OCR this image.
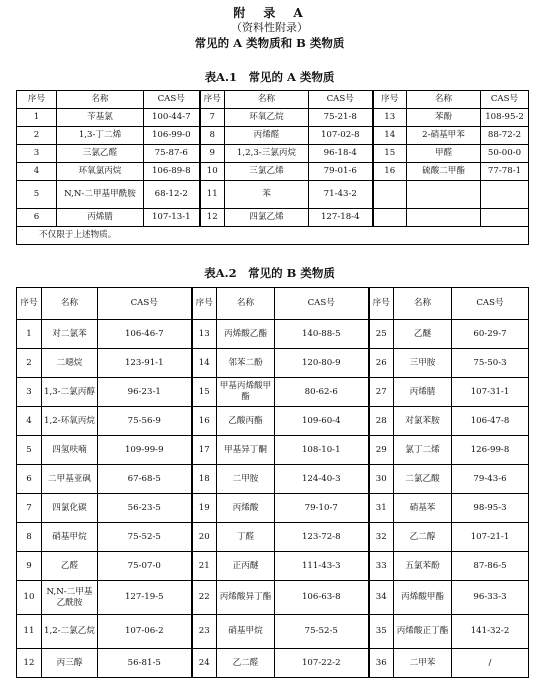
附　录　A
（资料性附录）
常见的 A 类物质和 B 类物质
表A.1　常见的 A 类物质
序号	名称	CAS号	序号	名称	CAS号	序号	名称	CAS号
1	苄基氯	100-44-7	7	环氧乙烷	75-21-8	13	苯酚	108-95-2
2	1,3-丁二烯	106-99-0	8	丙烯醛	107-02-8	14	2-硝基甲苯	88-72-2
3	三氯乙醛	75-87-6	9	1,2,3-三氯丙烷	96-18-4	15	甲醛	50-00-0
4	环氧氯丙烷	106-89-8	10	三氯乙烯	79-01-6	16	硫酸二甲酯	77-78-1
5	N,N-二甲基甲酰胺	68-12-2	11	苯	71-43-2			
6	丙烯腈	107-13-1	12	四氯乙烯	127-18-4			
不仅限于上述物质。								
表A.2　常见的 B 类物质
序号	名称	CAS号	序号	名称	CAS号	序号	名称	CAS号
1	对二氯苯	106-46-7	13	丙烯酸乙酯	140-88-5	25	乙醚	60-29-7
2	二噁烷	123-91-1	14	邻苯二酚	120-80-9	26	三甲胺	75-50-3
3	1,3-二氯丙醇	96-23-1	15	甲基丙烯酸甲酯	80-62-6	27	丙烯腈	107-31-1
4	1,2-环氧丙烷	75-56-9	16	乙酸丙酯	109-60-4	28	对氯苯胺	106-47-8
5	四氢呋喃	109-99-9	17	甲基异丁酮	108-10-1	29	氯丁二烯	126-99-8
6	二甲基亚砜	67-68-5	18	二甲胺	124-40-3	30	二氯乙酸	79-43-6
7	四氯化碳	56-23-5	19	丙烯酸	79-10-7	31	硝基苯	98-95-3
8	硝基甲烷	75-52-5	20	丁醛	123-72-8	32	乙二醇	107-21-1
9	乙醛	75-07-0	21	正丙醚	111-43-3	33	五氯苯酚	87-86-5
10	N,N-二甲基乙酰胺	127-19-5	22	丙烯酸异丁酯	106-63-8	34	丙烯酸甲酯	96-33-3
11	1,2-二氯乙烷	107-06-2	23	硝基甲烷	75-52-5	35	丙烯酸正丁酯	141-32-2
12	丙三醇	56-81-5	24	乙二醛	107-22-2	36	二甲苯	/
